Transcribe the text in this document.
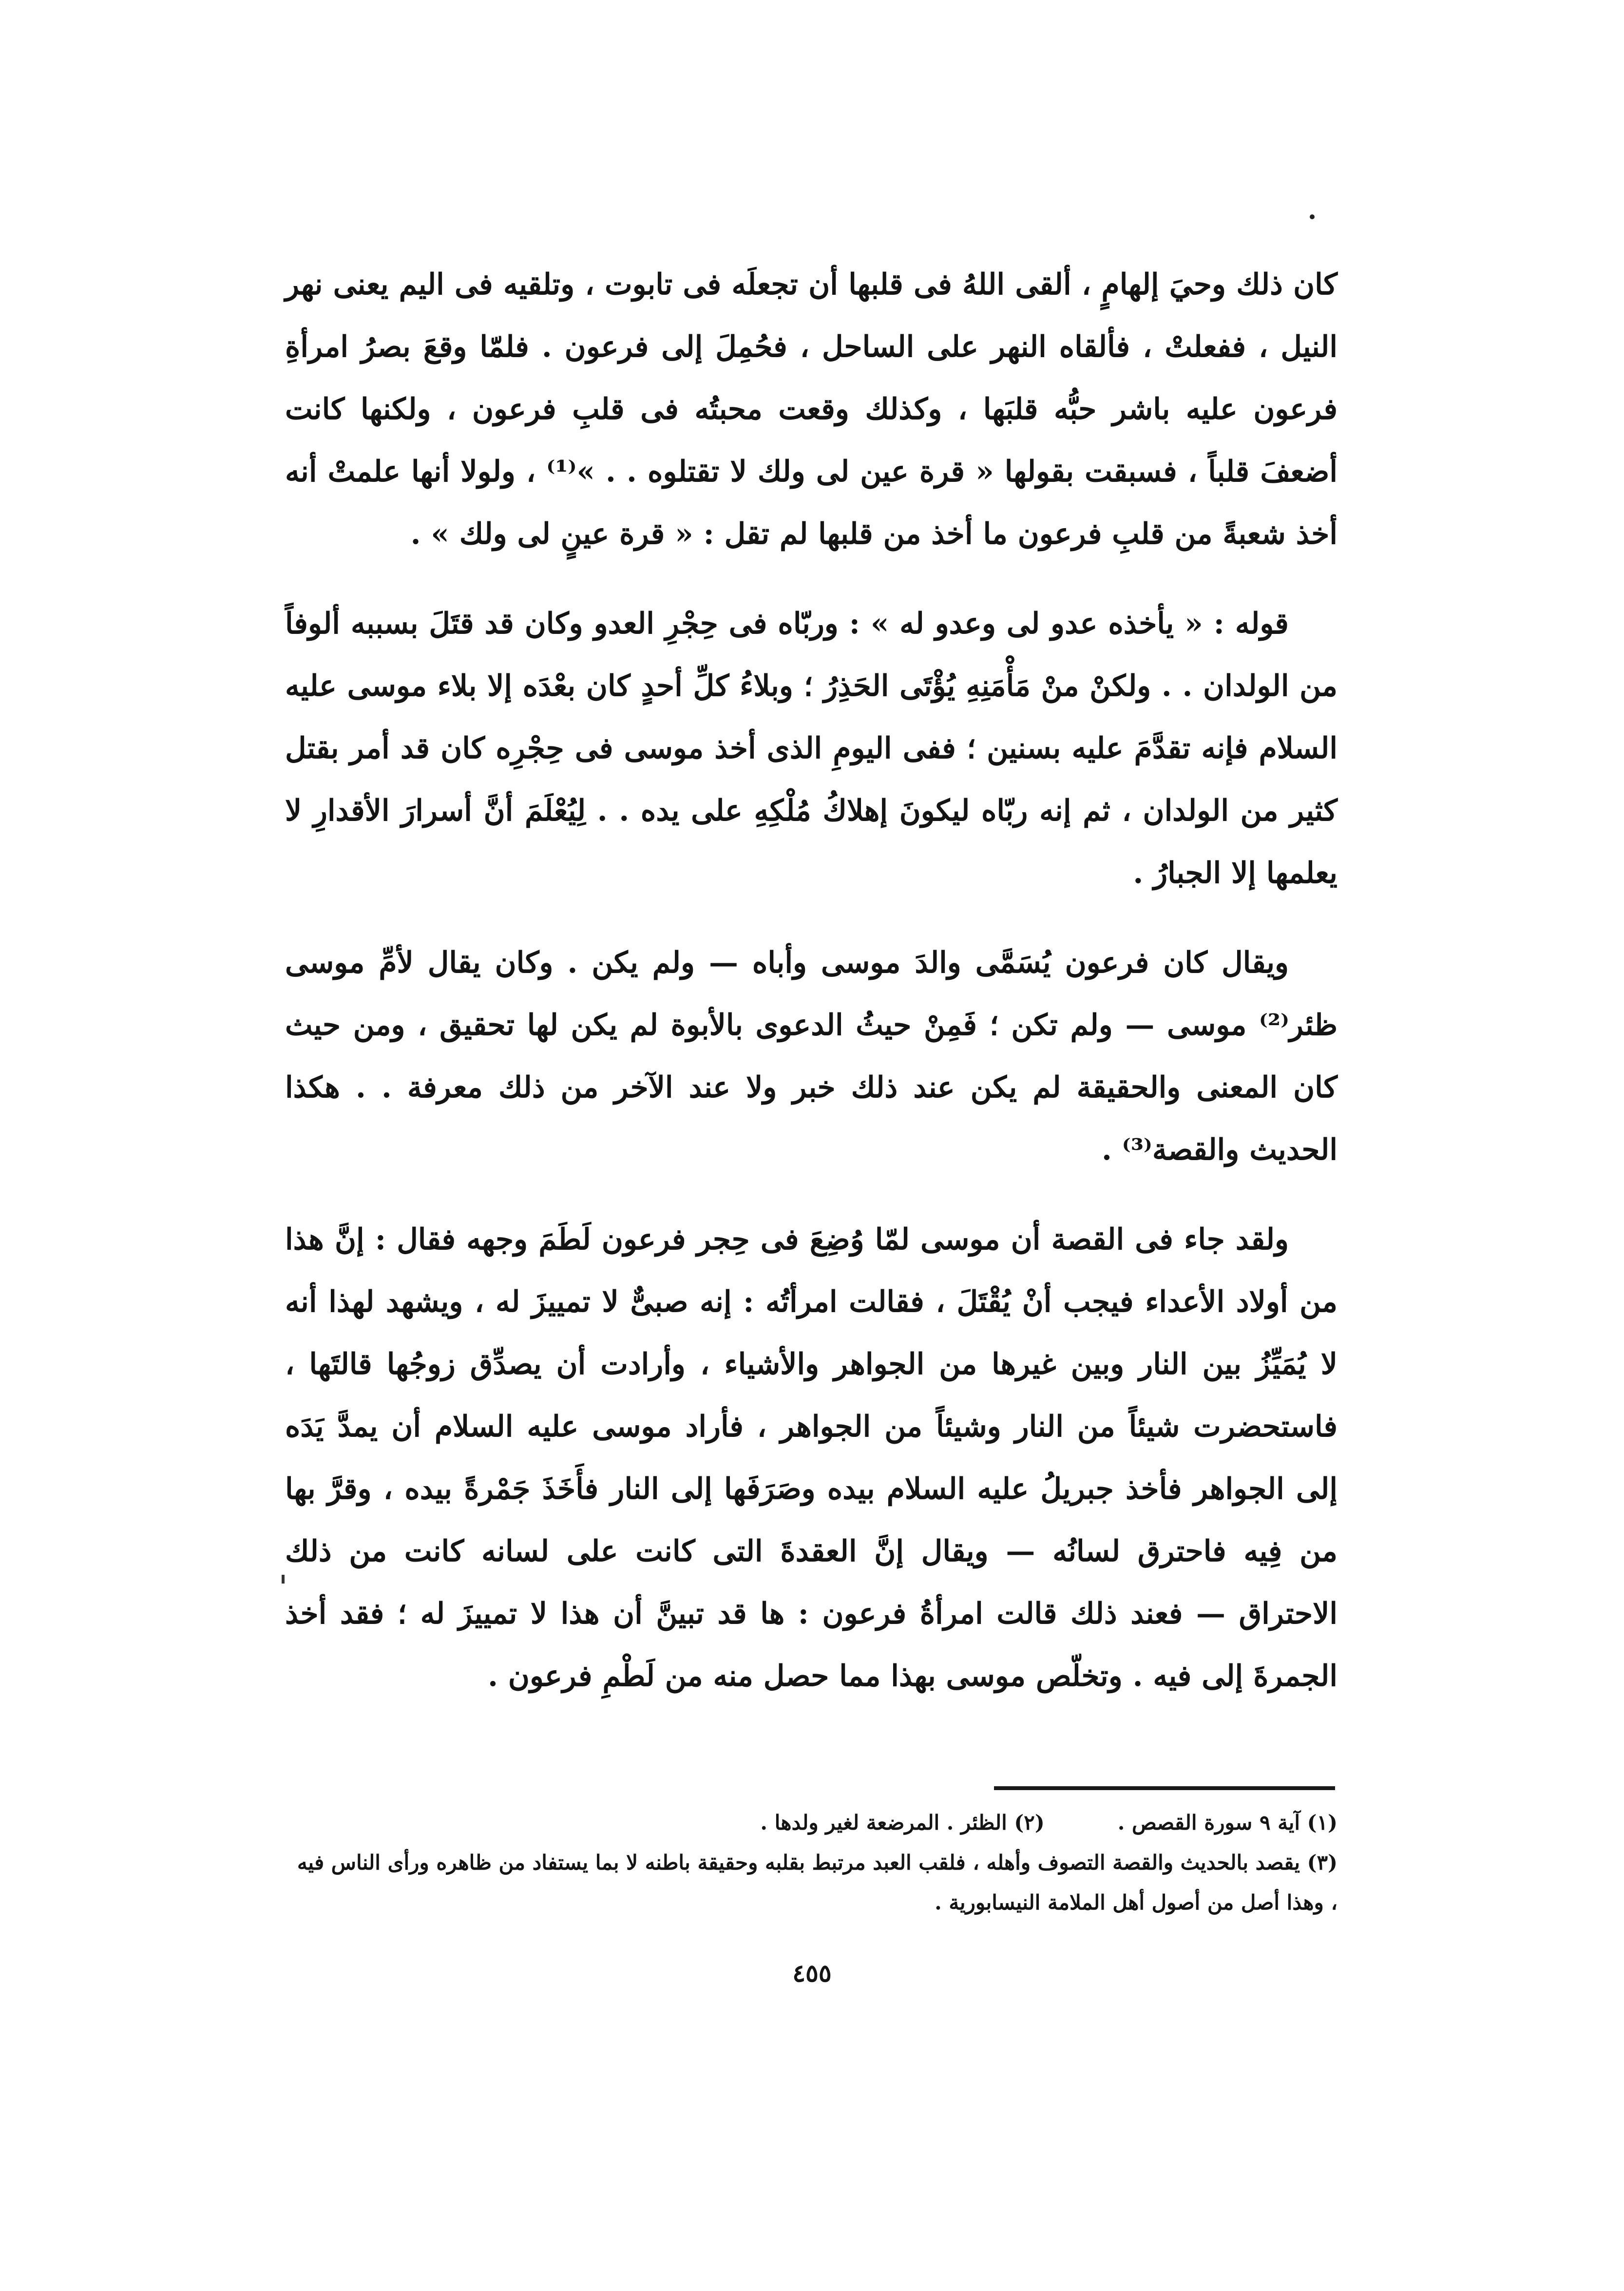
كان ذلك وحيَ إلهامٍ ، ألقى اللهُ فى قلبها أن تجعلَه فى تابوت ، وتلقيه فى اليم يعنى نهر النيل ، ففعلتْ ، فألقاه النهر على الساحل ، فحُمِلَ إلى فرعون . فلمّا وقعَ بصرُ امرأةِ فرعون عليه باشر حبُّه قلبَها ، وكذلك وقعت محبتُه فى قلبِ فرعون ، ولكنها كانت أضعفَ قلباً ، فسبقت بقولها « قرة عين لى ولك لا تقتلوه . . »⁽¹⁾ ، ولولا أنها علمتْ أنه أخذ شعبةً من قلبِ فرعون ما أخذ من قلبها لم تقل : « قرة عينٍ لى ولك » .

قوله : « يأخذه عدو لى وعدو له » : وربّاه فى حِجْرِ العدو وكان قد قتَلَ بسببه ألوفاً من الولدان . . ولكنْ منْ مَأْمَنِهِ يُؤْتَى الحَذِرُ ؛ وبلاءُ كلِّ أحدٍ كان بعْدَه إلا بلاء موسى عليه السلام فإنه تقدَّمَ عليه بسنين ؛ ففى اليومِ الذى أخذ موسى فى حِجْرِه كان قد أمر بقتل كثير من الولدان ، ثم إنه ربّاه ليكونَ إهلاكُ مُلْكِهِ على يده . . لِيُعْلَمَ أنَّ أسرارَ الأقدارِ لا يعلمها إلا الجبارُ .

ويقال كان فرعون يُسَمَّى والدَ موسى وأباه — ولم يكن . وكان يقال لأمِّ موسى ظئر⁽²⁾ موسى — ولم تكن ؛ فَمِنْ حيثُ الدعوى بالأبوة لم يكن لها تحقيق ، ومن حيث كان المعنى والحقيقة لم يكن عند ذلك خبر ولا عند الآخر من ذلك معرفة . . هكذا الحديث والقصة⁽³⁾ .

ولقد جاء فى القصة أن موسى لمّا وُضِعَ فى حِجر فرعون لَطَمَ وجهه فقال : إنَّ هذا من أولاد الأعداء فيجب أنْ يُقْتَلَ ، فقالت امرأتُه : إنه صبىٌّ لا تمييزَ له ، ويشهد لهذا أنه لا يُمَيِّزُ بين النار وبين غيرها من الجواهر والأشياء ، وأرادت أن يصدِّق زوجُها قالتَها ، فاستحضرت شيئاً من النار وشيئاً من الجواهر ، فأراد موسى عليه السلام أن يمدَّ يَدَه إلى الجواهر فأخذ جبريلُ عليه السلام بيده وصَرَفَها إلى النار فأَخَذَ جَمْرةً بيده ، وقرَّ بها من فِيه فاحترق لسانُه — ويقال إنَّ العقدةَ التى كانت على لسانه كانت من ذلك الاحتراق — فعند ذلك قالت امرأةُ فرعون : ها قد تبينَّ أن هذا لا تمييزَ له ؛ فقد أخذ الجمرةَ إلى فيه . وتخلّص موسى بهذا مما حصل منه من لَطْمِ فرعون .

(١) آية ٩ سورة القصص .

(٢) الظئر . المرضعة لغير ولدها .

(٣) يقصد بالحديث والقصة التصوف وأهله ، فلقب العبد مرتبط بقلبه وحقيقة باطنه لا بما يستفاد من ظاهره ورأى الناس فيه ، وهذا أصل من أصول أهل الملامة النيسابورية .

٤٥٥
